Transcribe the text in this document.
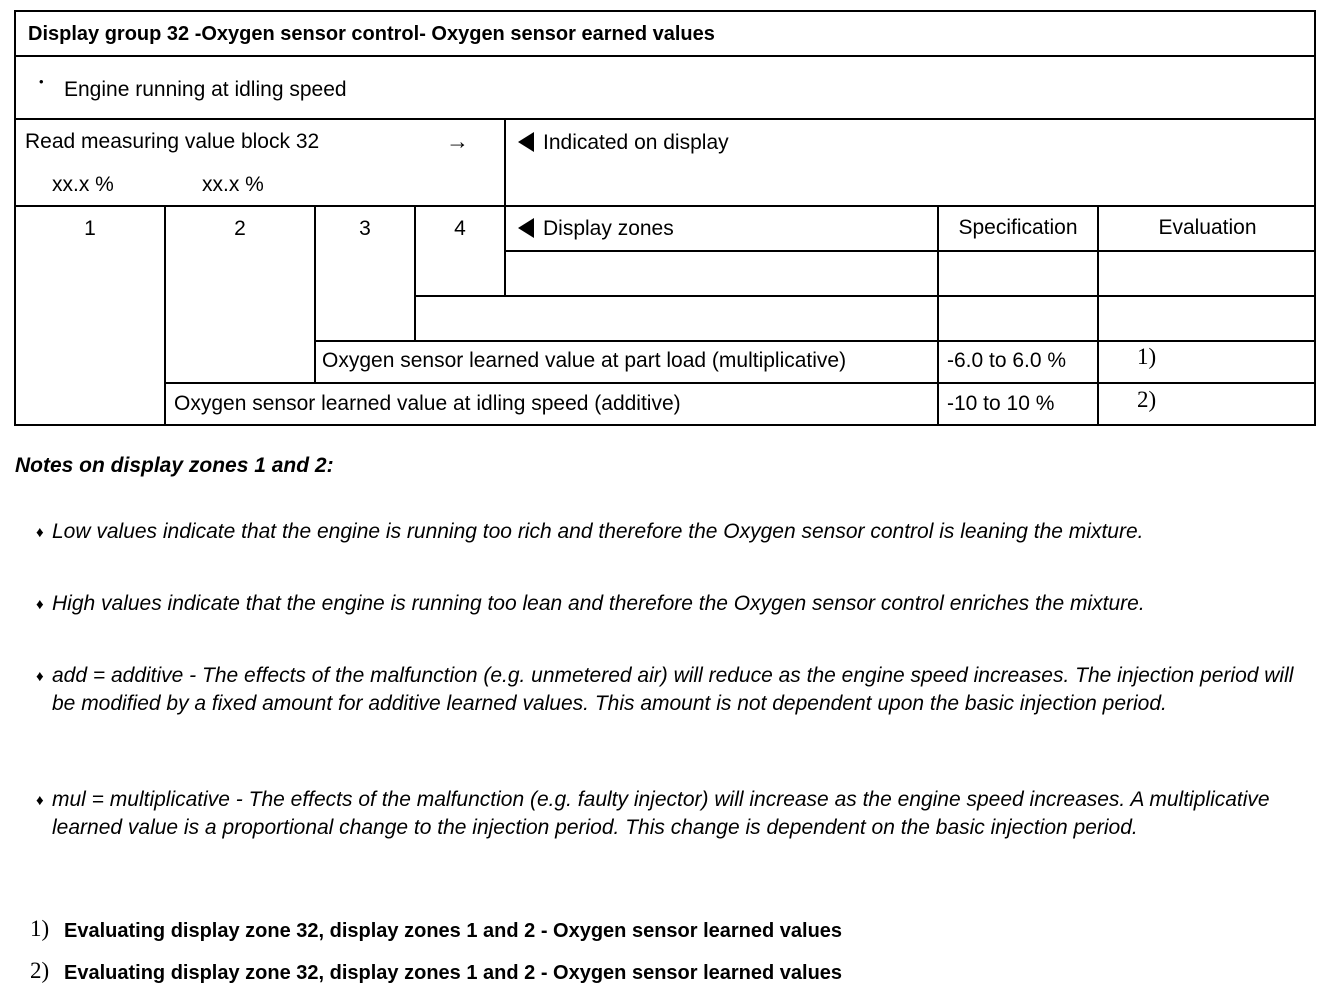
Display group 32 -Oxygen sensor control- Oxygen sensor earned values
• Engine running at idling speed
Read measuring value block 32	→	Indicated on display
xx.x %	xx.x %
1	2	3	4	Display zones	Specification	Evaluation
Oxygen sensor learned value at part load (multiplicative)	-6.0 to 6.0 %	1)
Oxygen sensor learned value at idling speed (additive)	-10 to 10 %	2)
Notes on display zones 1 and 2:
♦ Low values indicate that the engine is running too rich and therefore the Oxygen sensor control is leaning the mixture.
♦ High values indicate that the engine is running too lean and therefore the Oxygen sensor control enriches the mixture.
♦ add = additive - The effects of the malfunction (e.g. unmetered air) will reduce as the engine speed increases. The injection period will be modified by a fixed amount for additive learned values. This amount is not dependent upon the basic injection period.
♦ mul = multiplicative - The effects of the malfunction (e.g. faulty injector) will increase as the engine speed increases. A multiplicative learned value is a proportional change to the injection period. This change is dependent on the basic injection period.
1) Evaluating display zone 32, display zones 1 and 2 - Oxygen sensor learned values
2) Evaluating display zone 32, display zones 1 and 2 - Oxygen sensor learned values
